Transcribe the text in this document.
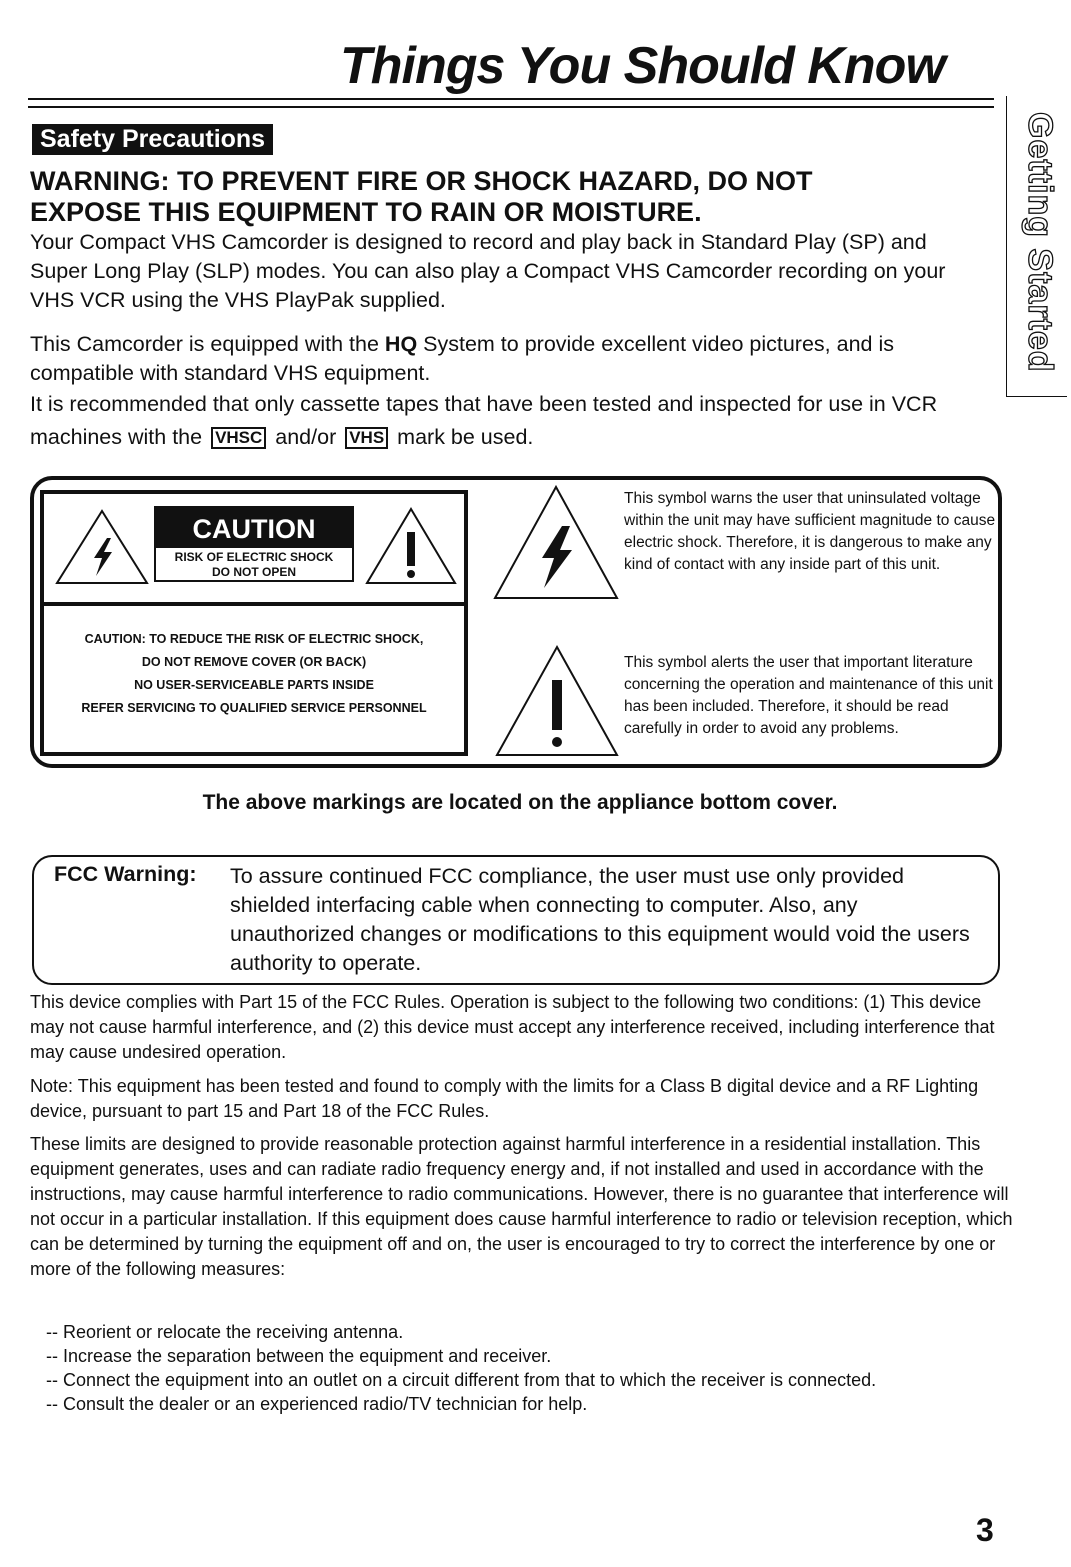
Things You Should Know
Getting Started
Safety Precautions
WARNING: TO PREVENT FIRE OR SHOCK HAZARD, DO NOT
EXPOSE THIS EQUIPMENT TO RAIN OR MOISTURE.
Your Compact VHS Camcorder is designed to record and play back in Standard Play (SP) and Super Long Play (SLP) modes. You can also play a Compact VHS Camcorder recording on your VHS VCR using the VHS PlayPak supplied.
This Camcorder is equipped with the HQ System to provide excellent video pictures, and is compatible with standard VHS equipment.
It is recommended that only cassette tapes that have been tested and inspected for use in VCR machines with the VHSC and/or VHS mark be used.
CAUTION
RISK OF ELECTRIC SHOCK
DO NOT OPEN
CAUTION: TO REDUCE THE RISK OF ELECTRIC SHOCK,
DO NOT REMOVE COVER (OR BACK)
NO USER-SERVICEABLE PARTS INSIDE
REFER SERVICING TO QUALIFIED SERVICE PERSONNEL
This symbol warns the user that uninsulated voltage within the unit may have sufficient magnitude to cause electric shock. Therefore, it is dangerous to make any kind of contact with any inside part of this unit.
This symbol alerts the user that important literature concerning the operation and maintenance of this unit has been included. Therefore, it should be read carefully in order to avoid any problems.
The above markings are located on the appliance bottom cover.
FCC Warning: To assure continued FCC compliance, the user must use only provided shielded interfacing cable when connecting to computer. Also, any unauthorized changes or modifications to this equipment would void the users authority to operate.
This device complies with Part 15 of the FCC Rules. Operation is subject to the following two conditions: (1) This device may not cause harmful interference, and (2) this device must accept any interference received, including interference that may cause undesired operation.
Note: This equipment has been tested and found to comply with the limits for a Class B digital device and a RF Lighting device, pursuant to part 15 and Part 18 of the FCC Rules.
These limits are designed to provide reasonable protection against harmful interference in a residential installation. This equipment generates, uses and can radiate radio frequency energy and, if not installed and used in accordance with the instructions, may cause harmful interference to radio communications. However, there is no guarantee that interference will not occur in a particular installation. If this equipment does cause harmful interference to radio or television reception, which can be determined by turning the equipment off and on, the user is encouraged to try to correct the interference by one or more of the following measures:
-- Reorient or relocate the receiving antenna.
-- Increase the separation between the equipment and receiver.
-- Connect the equipment into an outlet on a circuit different from that to which the receiver is connected.
-- Consult the dealer or an experienced radio/TV technician for help.
3
